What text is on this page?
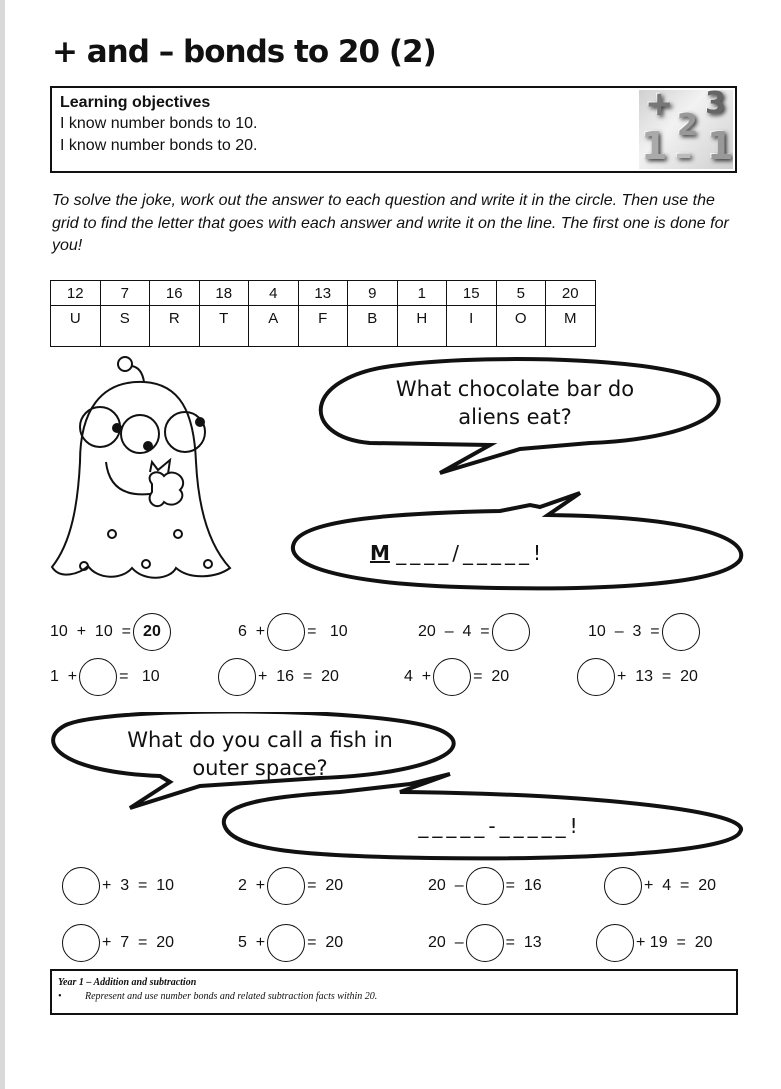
+ and – bonds to 20 (2)
Learning objectives
I know number bonds to 10.
I know number bonds to 20.
+
2
3
1 – 1
To solve the joke, work out the answer to each question and write it in the circle. Then use the grid to find the letter that goes with each answer and write it on the line. The first one is done for you!
12	7	16	18	4	13	9	1	15	5	20
U	S	R	T	A	F	B	H	I	O	M
What chocolate bar do
aliens eat?
M ____/_____!
10  +  10  = 20	6  +	=   10	20  –  4  =	10  –  3  =
1  +	=   10	+  16  =  20	4  +	=  20	+  13  =  20
What do you call a fish in
outer space?
_____-_____!
+  3  =  10	2  +	=  20	20  –	=  16	+  4  =  20
+  7  =  20	5  +	=  20	20  –	=  13	+ 19  =  20
Year 1 – Addition and subtraction
• Represent and use number bonds and related subtraction facts within 20.
